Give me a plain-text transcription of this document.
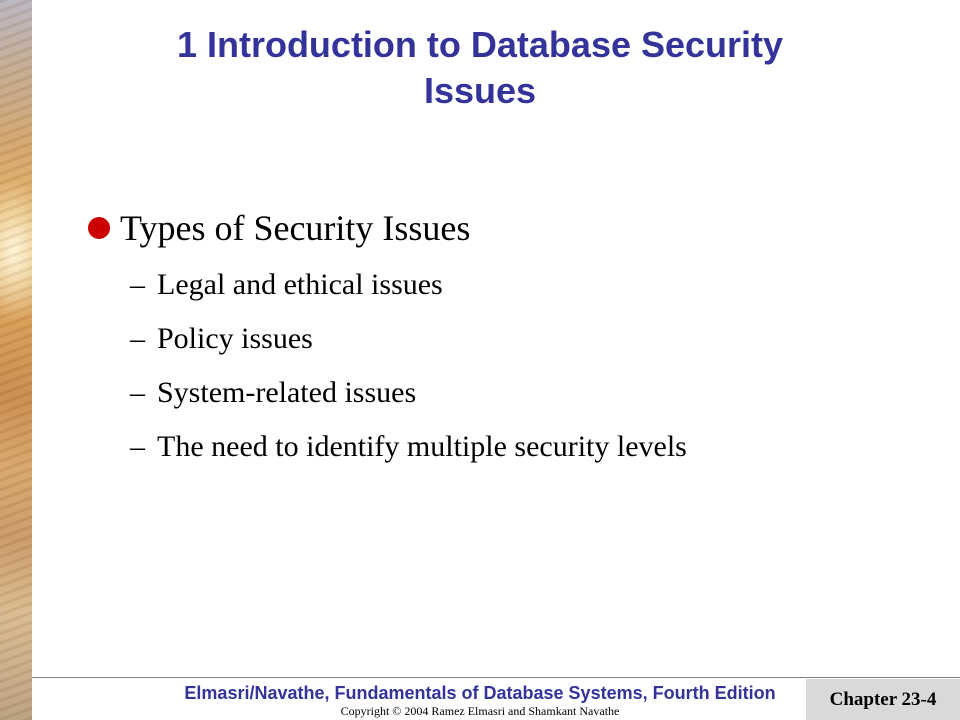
1 Introduction to Database Security
Issues
Types of Security Issues
– Legal and ethical issues
– Policy issues
– System-related issues
– The need to identify multiple security levels
Elmasri/Navathe, Fundamentals of Database Systems, Fourth Edition
Copyright © 2004 Ramez Elmasri and Shamkant Navathe
Chapter 23-4
